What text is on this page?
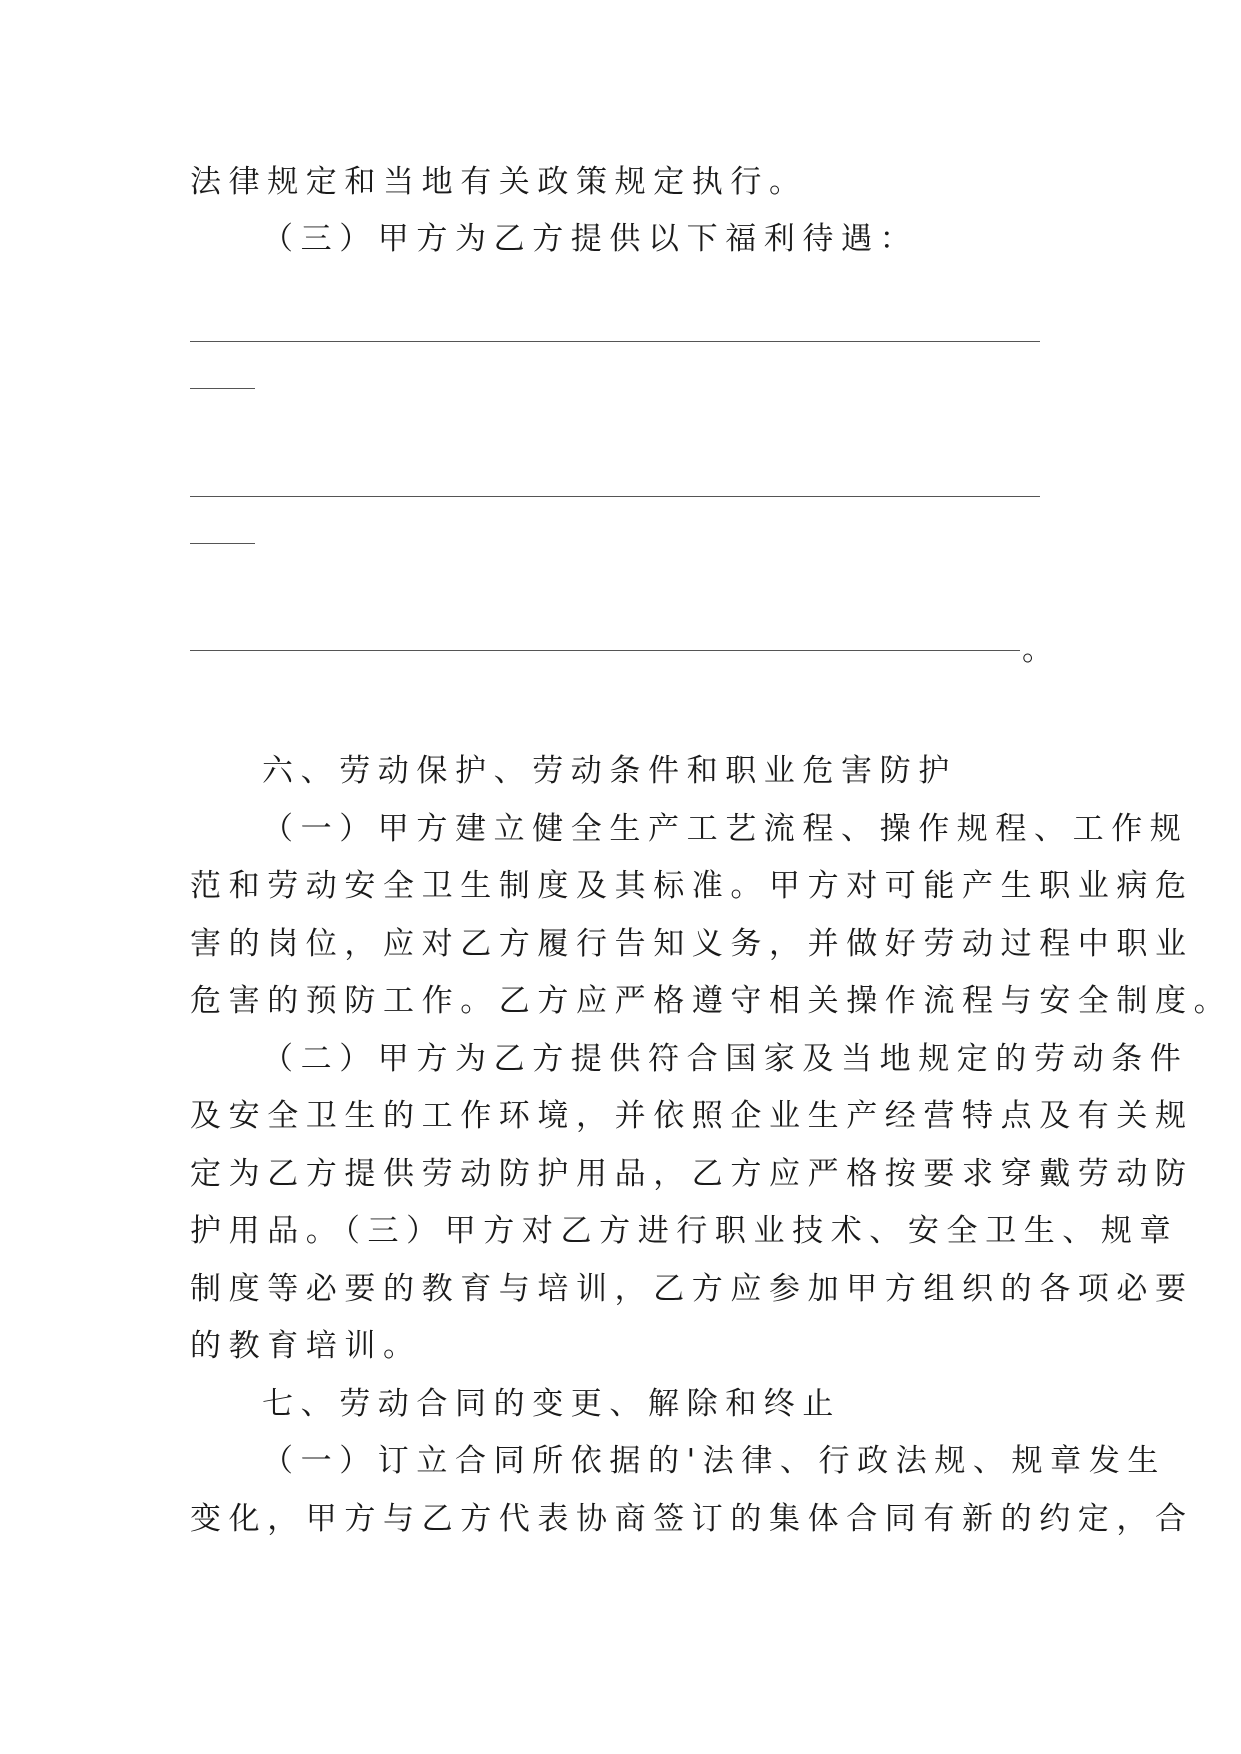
法律规定和当地有关政策规定执行。
（三）甲方为乙方提供以下福利待遇：
。
六、劳动保护、劳动条件和职业危害防护
（一）甲方建立健全生产工艺流程、操作规程、工作规
范和劳动安全卫生制度及其标准。甲方对可能产生职业病危
害的岗位，应对乙方履行告知义务，并做好劳动过程中职业
危害的预防工作。乙方应严格遵守相关操作流程与安全制度。
（二）甲方为乙方提供符合国家及当地规定的劳动条件
及安全卫生的工作环境，并依照企业生产经营特点及有关规
定为乙方提供劳动防护用品，乙方应严格按要求穿戴劳动防
护用品。（三）甲方对乙方进行职业技术、安全卫生、规章
制度等必要的教育与培训，乙方应参加甲方组织的各项必要
的教育培训。
七、劳动合同的变更、解除和终止
（一）订立合同所依据的'法律、行政法规、规章发生
变化，甲方与乙方代表协商签订的集体合同有新的约定，合
